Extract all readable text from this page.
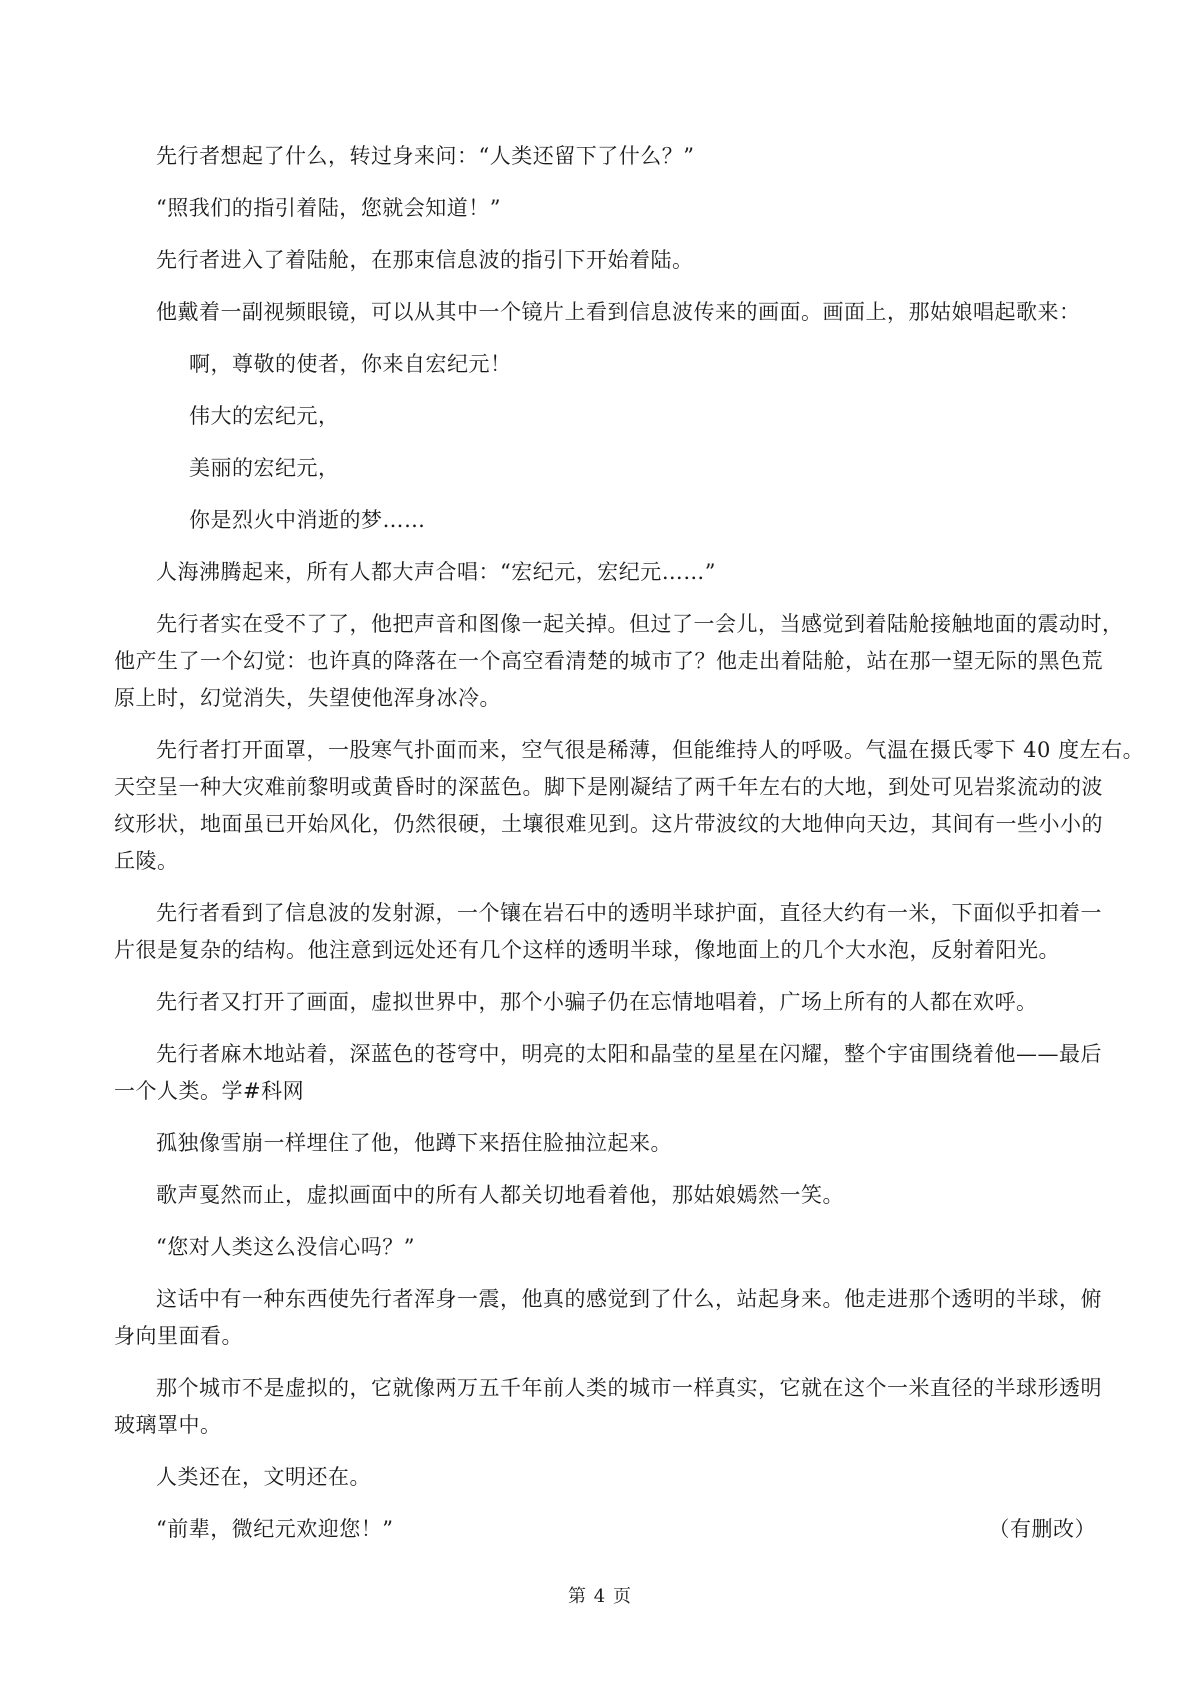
先行者想起了什么，转过身来问：“人类还留下了什么？”

“照我们的指引着陆，您就会知道！”

先行者进入了着陆舱，在那束信息波的指引下开始着陆。

他戴着一副视频眼镜，可以从其中一个镜片上看到信息波传来的画面。画面上，那姑娘唱起歌来：

啊，尊敬的使者，你来自宏纪元！

伟大的宏纪元，

美丽的宏纪元，

你是烈火中消逝的梦……

人海沸腾起来，所有人都大声合唱：“宏纪元，宏纪元……”

先行者实在受不了了，他把声音和图像一起关掉。但过了一会儿，当感觉到着陆舱接触地面的震动时，
他产生了一个幻觉：也许真的降落在一个高空看清楚的城市了？他走出着陆舱，站在那一望无际的黑色荒
原上时，幻觉消失，失望使他浑身冰冷。
先行者打开面罩，一股寒气扑面而来，空气很是稀薄，但能维持人的呼吸。气温在摄氏零下 40 度左右。
天空呈一种大灾难前黎明或黄昏时的深蓝色。脚下是刚凝结了两千年左右的大地，到处可见岩浆流动的波
纹形状，地面虽已开始风化，仍然很硬，土壤很难见到。这片带波纹的大地伸向天边，其间有一些小小的
丘陵。
先行者看到了信息波的发射源，一个镶在岩石中的透明半球护面，直径大约有一米，下面似乎扣着一
片很是复杂的结构。他注意到远处还有几个这样的透明半球，像地面上的几个大水泡，反射着阳光。

先行者又打开了画面，虚拟世界中，那个小骗子仍在忘情地唱着，广场上所有的人都在欢呼。

先行者麻木地站着，深蓝色的苍穹中，明亮的太阳和晶莹的星星在闪耀，整个宇宙围绕着他——最后
一个人类。学#科网

孤独像雪崩一样埋住了他，他蹲下来捂住脸抽泣起来。

歌声戛然而止，虚拟画面中的所有人都关切地看着他，那姑娘嫣然一笑。

“您对人类这么没信心吗？”

这话中有一种东西使先行者浑身一震，他真的感觉到了什么，站起身来。他走进那个透明的半球，俯
身向里面看。
那个城市不是虚拟的，它就像两万五千年前人类的城市一样真实，它就在这个一米直径的半球形透明
玻璃罩中。

人类还在，文明还在。

“前辈，微纪元欢迎您！”	（有删改）
第 4 页
